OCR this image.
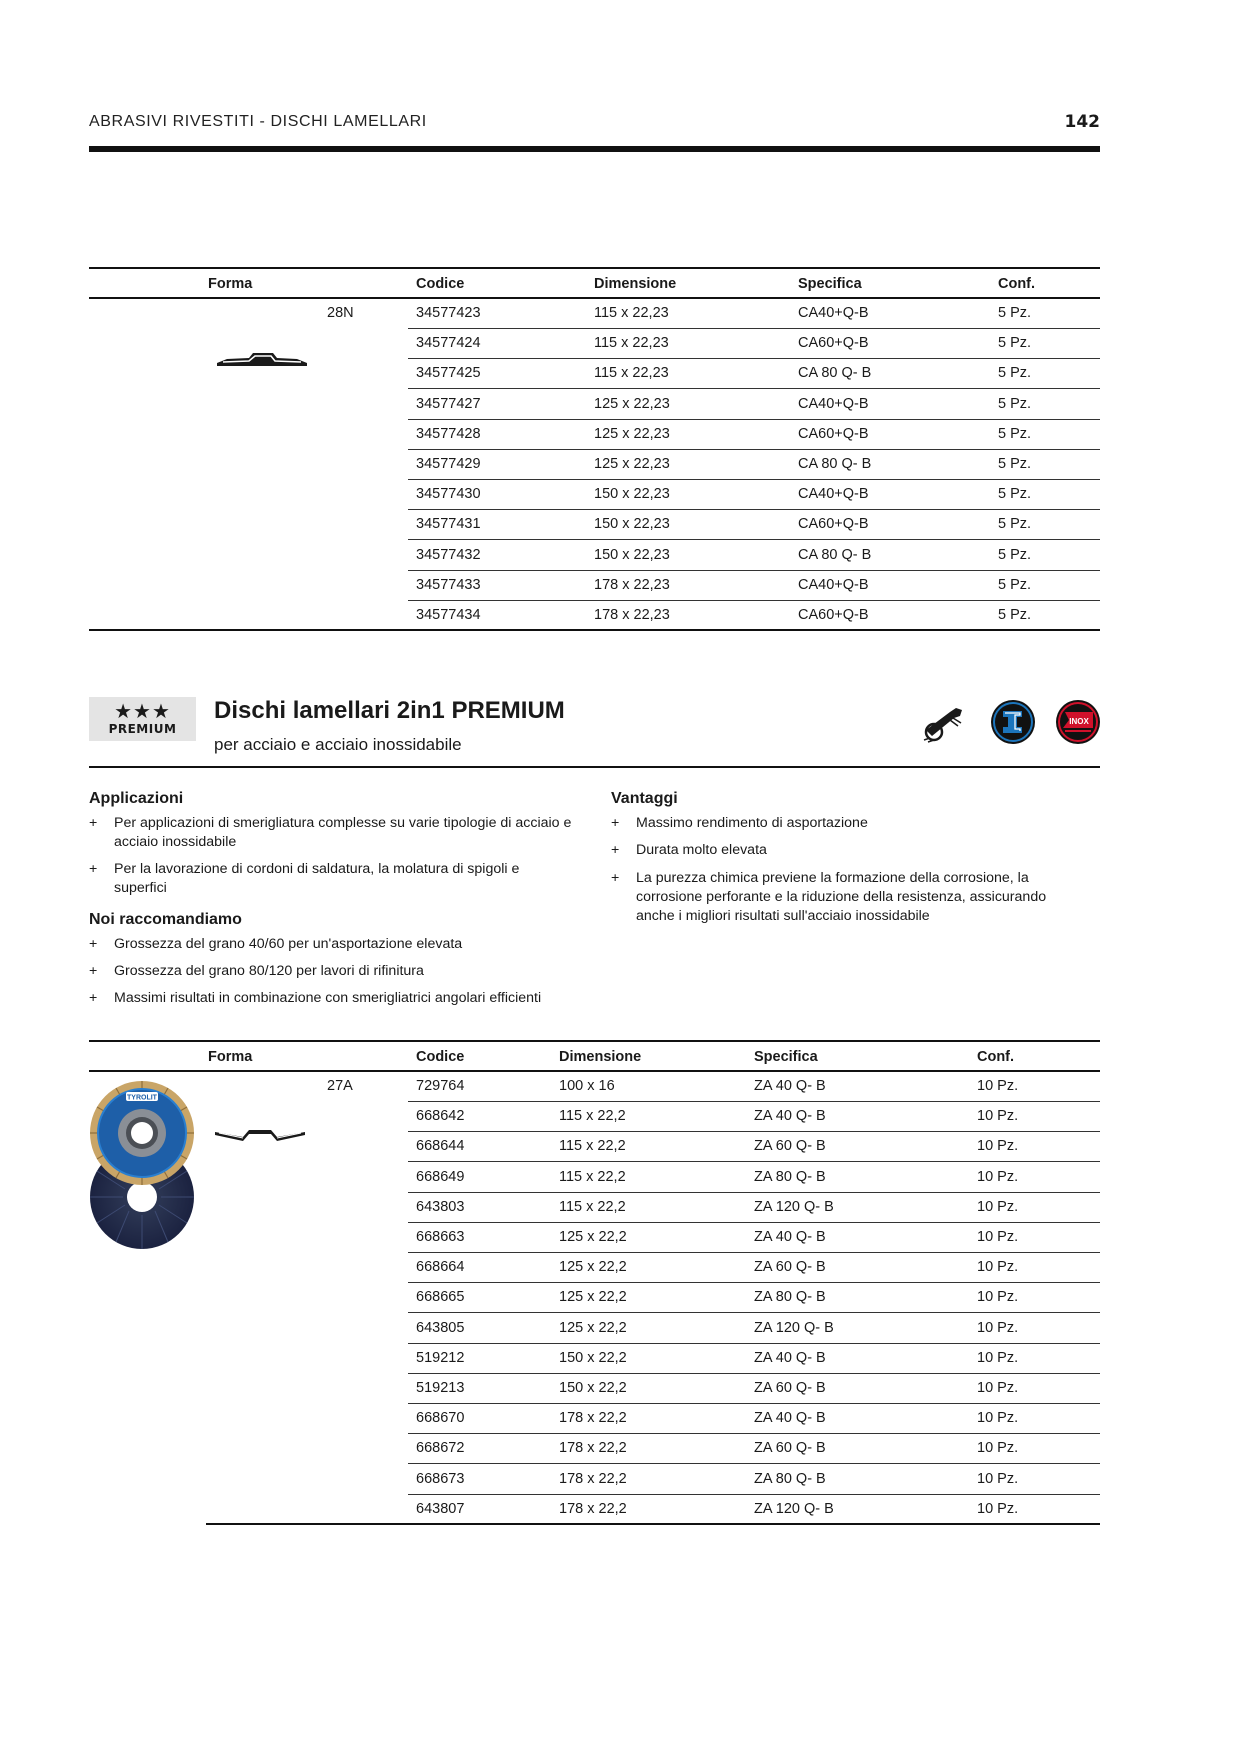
ABRASIVI RIVESTITI - DISCHI LAMELLARI	142
Forma	Codice	Dimensione	Specifica	Conf.
28N	34577423	115 x 22,23	CA40+Q-B	5 Pz.
34577424	115 x 22,23	CA60+Q-B	5 Pz.
34577425	115 x 22,23	CA 80 Q- B	5 Pz.
34577427	125 x 22,23	CA40+Q-B	5 Pz.
34577428	125 x 22,23	CA60+Q-B	5 Pz.
34577429	125 x 22,23	CA 80 Q- B	5 Pz.
34577430	150 x 22,23	CA40+Q-B	5 Pz.
34577431	150 x 22,23	CA60+Q-B	5 Pz.
34577432	150 x 22,23	CA 80 Q- B	5 Pz.
34577433	178 x 22,23	CA40+Q-B	5 Pz.
34577434	178 x 22,23	CA60+Q-B	5 Pz.
★★★
PREMIUM
Dischi lamellari 2in1 PREMIUM
per acciaio e acciaio inossidabile
INOX
Applicazioni
+	Per applicazioni di smerigliatura complesse su varie tipologie di acciaio e
acciaio inossidabile
+	Per la lavorazione di cordoni di saldatura, la molatura di spigoli e
superfici
Noi raccomandiamo
+	Grossezza del grano 40/60 per un'asportazione elevata
+	Grossezza del grano 80/120 per lavori di rifinitura
+	Massimi risultati in combinazione con smerigliatrici angolari efficienti
Vantaggi
+	Massimo rendimento di asportazione
+	Durata molto elevata
+	La purezza chimica previene la formazione della corrosione, la
corrosione perforante e la riduzione della resistenza, assicurando
anche i migliori risultati sull'acciaio inossidabile
Forma	Codice	Dimensione	Specifica	Conf.
27A
TYROLIT
729764	100 x 16	ZA 40 Q- B	10 Pz.
668642	115 x 22,2	ZA 40 Q- B	10 Pz.
668644	115 x 22,2	ZA 60 Q- B	10 Pz.
668649	115 x 22,2	ZA 80 Q- B	10 Pz.
643803	115 x 22,2	ZA 120 Q- B	10 Pz.
668663	125 x 22,2	ZA 40 Q- B	10 Pz.
668664	125 x 22,2	ZA 60 Q- B	10 Pz.
668665	125 x 22,2	ZA 80 Q- B	10 Pz.
643805	125 x 22,2	ZA 120 Q- B	10 Pz.
519212	150 x 22,2	ZA 40 Q- B	10 Pz.
519213	150 x 22,2	ZA 60 Q- B	10 Pz.
668670	178 x 22,2	ZA 40 Q- B	10 Pz.
668672	178 x 22,2	ZA 60 Q- B	10 Pz.
668673	178 x 22,2	ZA 80 Q- B	10 Pz.
643807	178 x 22,2	ZA 120 Q- B	10 Pz.
